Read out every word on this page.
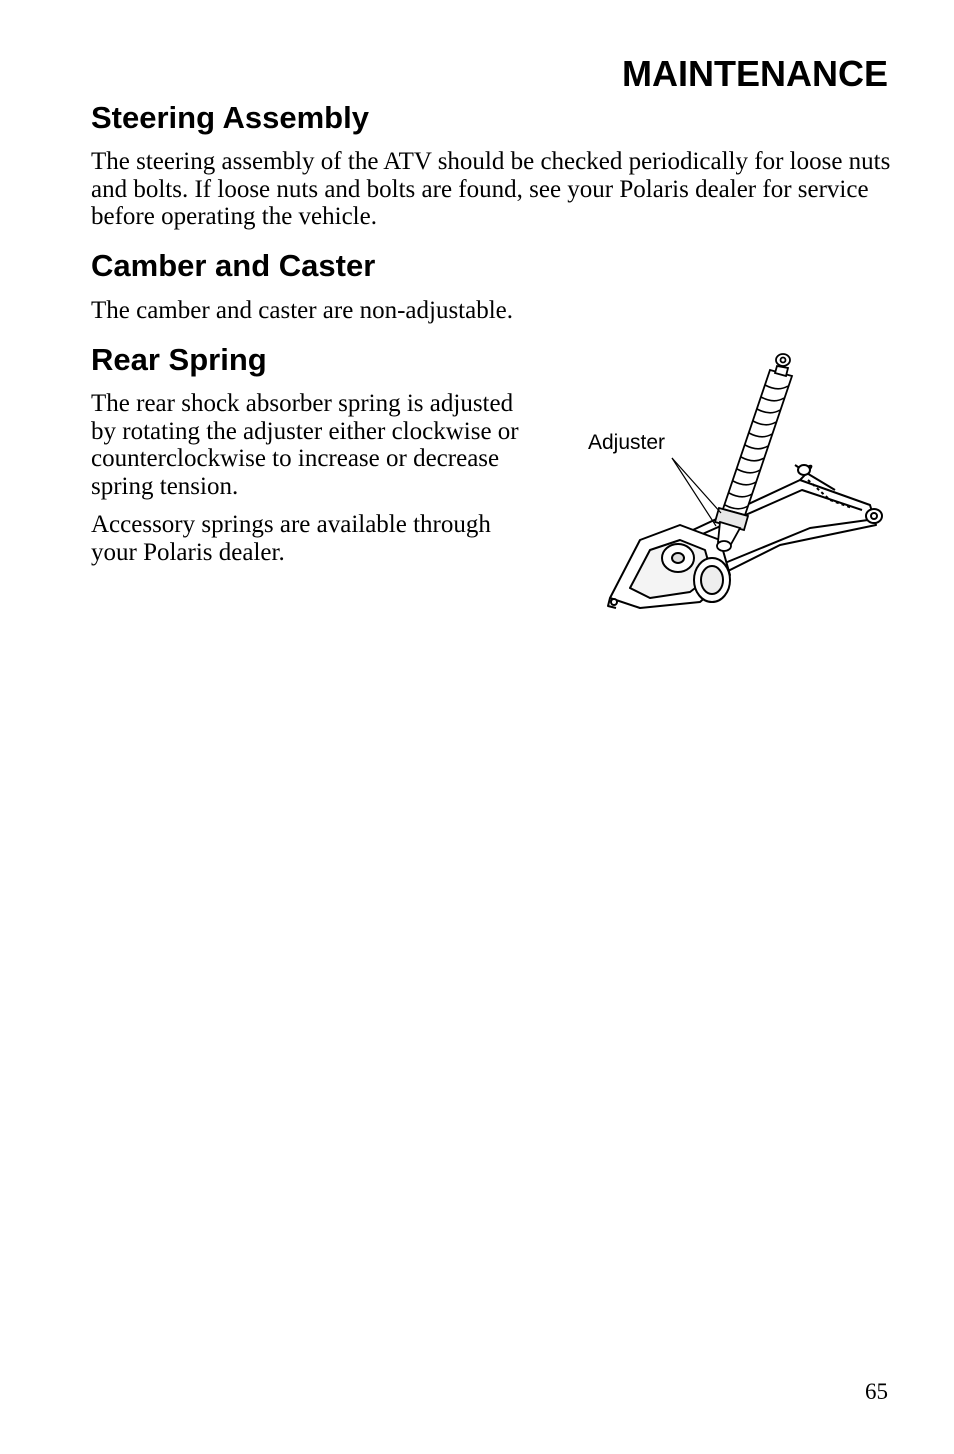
MAINTENANCE
Steering Assembly

The steering assembly of the ATV should be checked periodically for loose nuts and bolts. If loose nuts and bolts are found, see your Polaris dealer for service before operating the vehicle.

Camber and Caster

The camber and caster are non-adjustable.

Rear Spring

The rear shock absorber spring is adjusted by rotating the adjuster either clockwise or counterclockwise to increase or decrease spring tension.

Accessory springs are available through your Polaris dealer.

Adjuster

65
